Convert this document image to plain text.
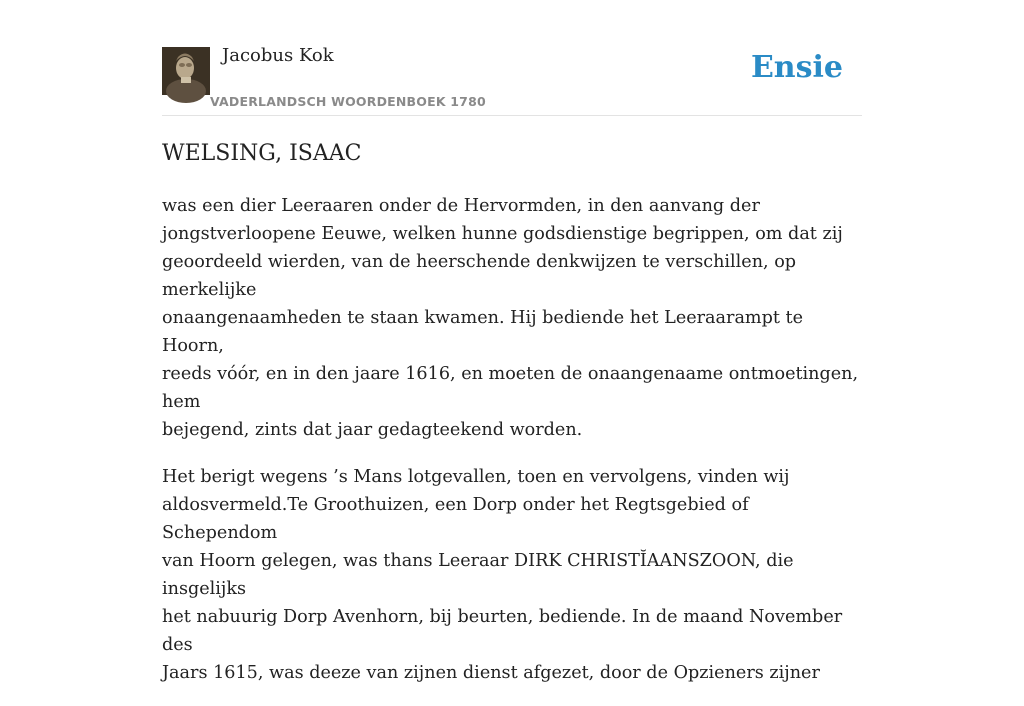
Jacobus Kok
VADERLANDSCH WOORDENBOEK 1780
Ensie
WELSING, ISAAC

was een dier Leeraaren onder de Hervormden, in den aanvang der
jongstverloopene Eeuwe, welken hunne godsdienstige begrippen, om dat zij
geoordeeld wierden, van de heerschende denkwijzen te verschillen, op merkelijke
onaangenaamheden te staan kwamen. Hij bediende het Leeraarampt te Hoorn,
reeds vóór, en in den jaare 1616, en moeten de onaangenaame ontmoetingen, hem
bejegend, zints dat jaar gedagteekend worden.

Het berigt wegens ’s Mans lotgevallen, toen en vervolgens, vinden wij
aldosvermeld.Te Groothuizen, een Dorp onder het Regtsgebied of Schependom
van Hoorn gelegen, was thans Leeraar DIRK CHRISTĬAANSZOON, die insgelijks
het nabuurig Dorp Avenhorn, bij beurten, bediende. In de maand November des
Jaars 1615, was deeze van zijnen dienst afgezet, door de Opzieners zijner
